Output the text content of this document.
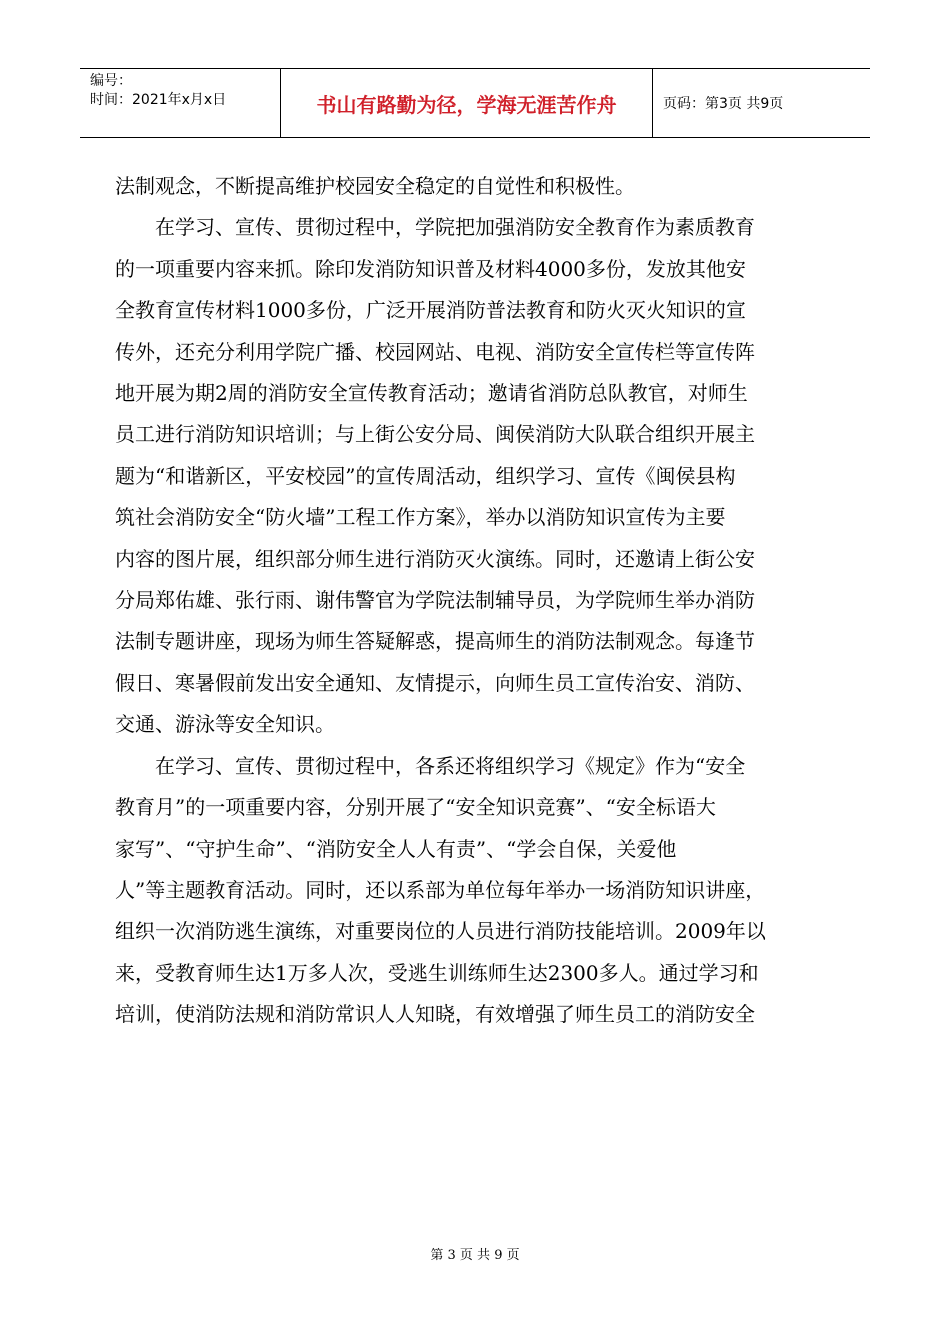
编号：
时间：2021年x月x日	书山有路勤为径，学海无涯苦作舟	页码：第3页 共9页

法制观念，不断提高维护校园安全稳定的自觉性和积极性。

在学习、宣传、贯彻过程中，学院把加强消防安全教育作为素质教育
的一项重要内容来抓。除印发消防知识普及材料4000多份，发放其他安
全教育宣传材料1000多份，广泛开展消防普法教育和防火灭火知识的宣
传外，还充分利用学院广播、校园网站、电视、消防安全宣传栏等宣传阵
地开展为期2周的消防安全宣传教育活动；邀请省消防总队教官，对师生
员工进行消防知识培训；与上街公安分局、闽侯消防大队联合组织开展主
题为“和谐新区，平安校园”的宣传周活动，组织学习、宣传《闽侯县构
筑社会消防安全“防火墙”工程工作方案》，举办以消防知识宣传为主要
内容的图片展，组织部分师生进行消防灭火演练。同时，还邀请上街公安
分局郑佑雄、张行雨、谢伟警官为学院法制辅导员，为学院师生举办消防
法制专题讲座，现场为师生答疑解惑，提高师生的消防法制观念。每逢节
假日、寒暑假前发出安全通知、友情提示，向师生员工宣传治安、消防、
交通、游泳等安全知识。

在学习、宣传、贯彻过程中，各系还将组织学习《规定》作为“安全
教育月”的一项重要内容，分别开展了“安全知识竞赛”、“安全标语大
家写”、“守护生命”、“消防安全人人有责”、“学会自保，关爱他
人”等主题教育活动。同时，还以系部为单位每年举办一场消防知识讲座，
组织一次消防逃生演练，对重要岗位的人员进行消防技能培训。2009年以
来，受教育师生达1万多人次，受逃生训练师生达2300多人。通过学习和
培训，使消防法规和消防常识人人知晓，有效增强了师生员工的消防安全

第 3 页 共 9 页
